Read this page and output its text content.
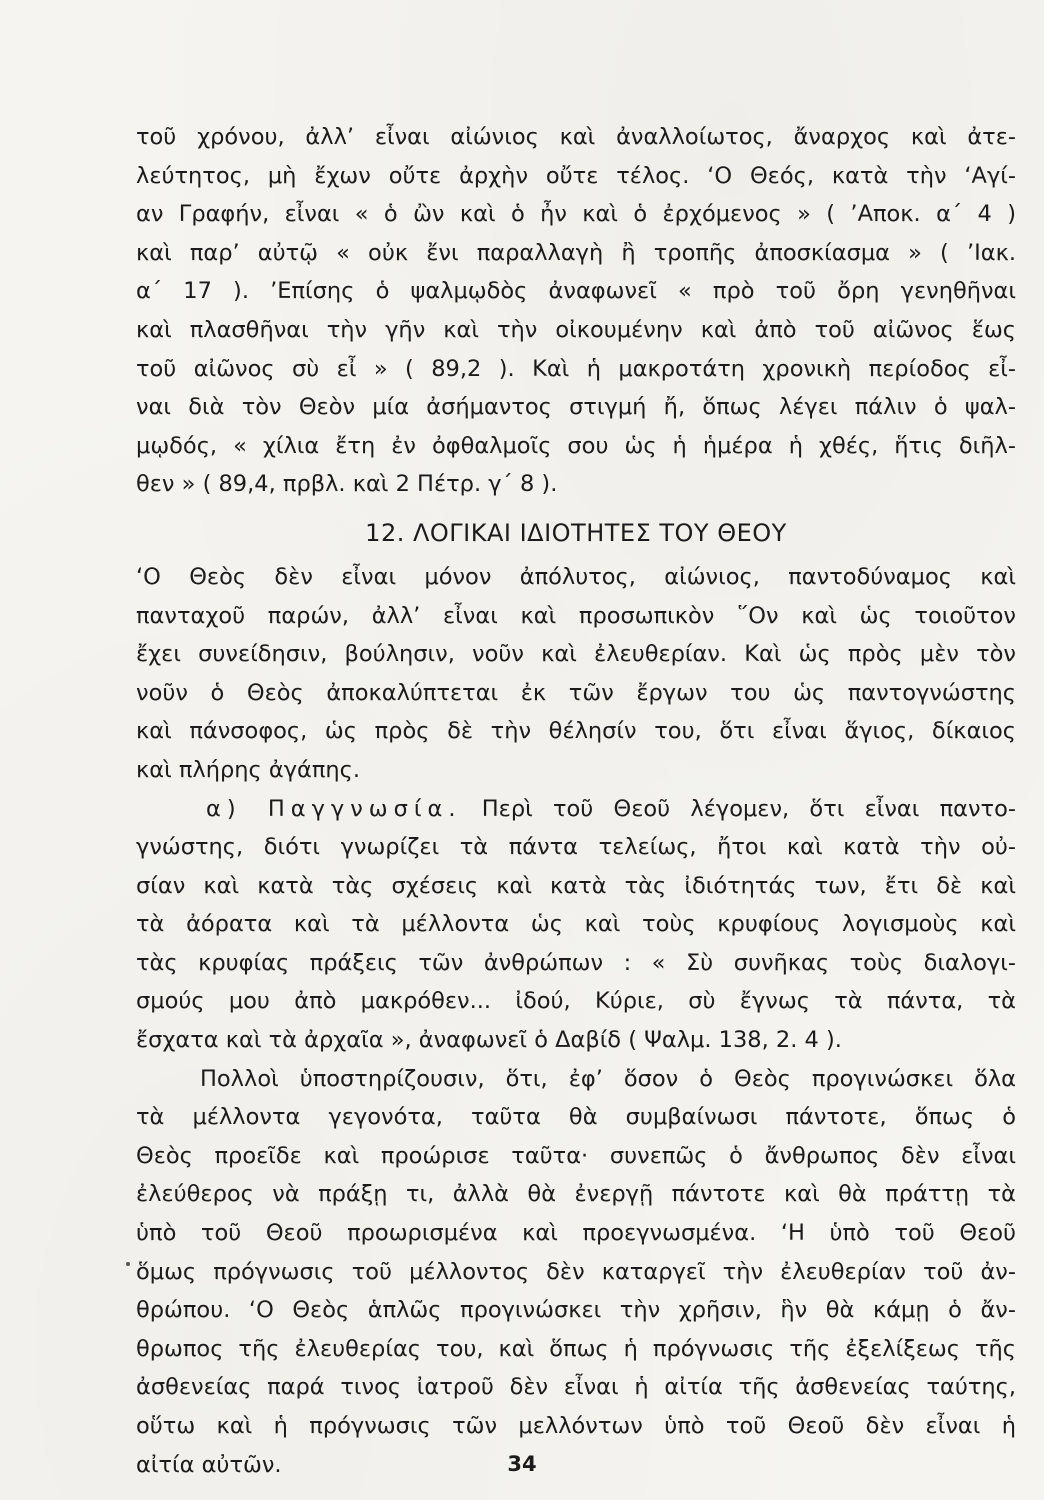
τοῦ χρόνου, ἀλλ’ εἶναι αἰώνιος καὶ ἀναλλοίωτος, ἄναρχος καὶ ἀτε-
λεύτητος, μὴ ἔχων οὔτε ἀρχὴν οὔτε τέλος. ‘Ο Θεός, κατὰ τὴν ‘Αγί-
αν Γραφήν, εἶναι « ὁ ὢν καὶ ὁ ἦν καὶ ὁ ἐρχόμενος » ( ’Αποκ. α΄ 4 )
καὶ παρ’ αὐτῷ « οὐκ ἔνι παραλλαγὴ ἢ τροπῆς ἀποσκίασμα » ( ’Ιακ.
α΄ 17 ). ’Επίσης ὁ ψαλμῳδὸς ἀναφωνεῖ « πρὸ τοῦ ὄρη γενηθῆναι
καὶ πλασθῆναι τὴν γῆν καὶ τὴν οἰκουμένην καὶ ἀπὸ τοῦ αἰῶνος ἕως
τοῦ αἰῶνος σὺ εἶ » ( 89,2 ). Καὶ ἡ μακροτάτη χρονικὴ περίοδος εἶ-
ναι διὰ τὸν Θεὸν μία ἀσήμαντος στιγμή ἤ, ὅπως λέγει πάλιν ὁ ψαλ-
μῳδός, « χίλια ἔτη ἐν ὀφθαλμοῖς σου ὡς ἡ ἡμέρα ἡ χθές, ἥτις διῆλ-
θεν » ( 89,4, πρβλ. καὶ 2 Πέτρ. γ΄ 8 ).
12. ΛΟΓΙΚΑΙ ΙΔΙΟΤΗΤΕΣ ΤΟΥ ΘΕΟΥ
‘Ο Θεὸς δὲν εἶναι μόνον ἀπόλυτος, αἰώνιος, παντοδύναμος καὶ
πανταχοῦ παρών, ἀλλ’ εἶναι καὶ προσωπικὸν ῞Ον καὶ ὡς τοιοῦτον
ἔχει συνείδησιν, βούλησιν, νοῦν καὶ ἐλευθερίαν. Καὶ ὡς πρὸς μὲν τὸν
νοῦν ὁ Θεὸς ἀποκαλύπτεται ἐκ τῶν ἔργων του ὡς παντογνώστης
καὶ πάνσοφος, ὡς πρὸς δὲ τὴν θέλησίν του, ὅτι εἶναι ἅγιος, δίκαιος
καὶ πλήρης ἀγάπης.
α) Παγγνωσία. Περὶ τοῦ Θεοῦ λέγομεν, ὅτι εἶναι παντο-
γνώστης, διότι γνωρίζει τὰ πάντα τελείως, ἤτοι καὶ κατὰ τὴν οὐ-
σίαν καὶ κατὰ τὰς σχέσεις καὶ κατὰ τὰς ἰδιότητάς των, ἔτι δὲ καὶ
τὰ ἀόρατα καὶ τὰ μέλλοντα ὡς καὶ τοὺς κρυφίους λογισμοὺς καὶ
τὰς κρυφίας πράξεις τῶν ἀνθρώπων : « Σὺ συνῆκας τοὺς διαλογι-
σμούς μου ἀπὸ μακρόθεν... ἰδού, Κύριε, σὺ ἔγνως τὰ πάντα, τὰ
ἔσχατα καὶ τὰ ἀρχαῖα », ἀναφωνεῖ ὁ Δαβίδ ( Ψαλμ. 138, 2. 4 ).
Πολλοὶ ὑποστηρίζουσιν, ὅτι, ἐφ’ ὅσον ὁ Θεὸς προγινώσκει ὅλα
τὰ μέλλοντα γεγονότα, ταῦτα θὰ συμβαίνωσι πάντοτε, ὅπως ὁ
Θεὸς προεῖδε καὶ προώρισε ταῦτα· συνεπῶς ὁ ἄνθρωπος δὲν εἶναι
ἐλεύθερος νὰ πράξῃ τι, ἀλλὰ θὰ ἐνεργῇ πάντοτε καὶ θὰ πράττῃ τὰ
ὑπὸ τοῦ Θεοῦ προωρισμένα καὶ προεγνωσμένα. ‘Η ὑπὸ τοῦ Θεοῦ
ὅμως πρόγνωσις τοῦ μέλλοντος δὲν καταργεῖ τὴν ἐλευθερίαν τοῦ ἀν-
θρώπου. ‘Ο Θεὸς ἁπλῶς προγινώσκει τὴν χρῆσιν, ἣν θὰ κάμῃ ὁ ἄν-
θρωπος τῆς ἐλευθερίας του, καὶ ὅπως ἡ πρόγνωσις τῆς ἐξελίξεως τῆς
ἀσθενείας παρά τινος ἰατροῦ δὲν εἶναι ἡ αἰτία τῆς ἀσθενείας ταύτης,
οὕτω καὶ ἡ πρόγνωσις τῶν μελλόντων ὑπὸ τοῦ Θεοῦ δὲν εἶναι ἡ
αἰτία αὐτῶν.	34
